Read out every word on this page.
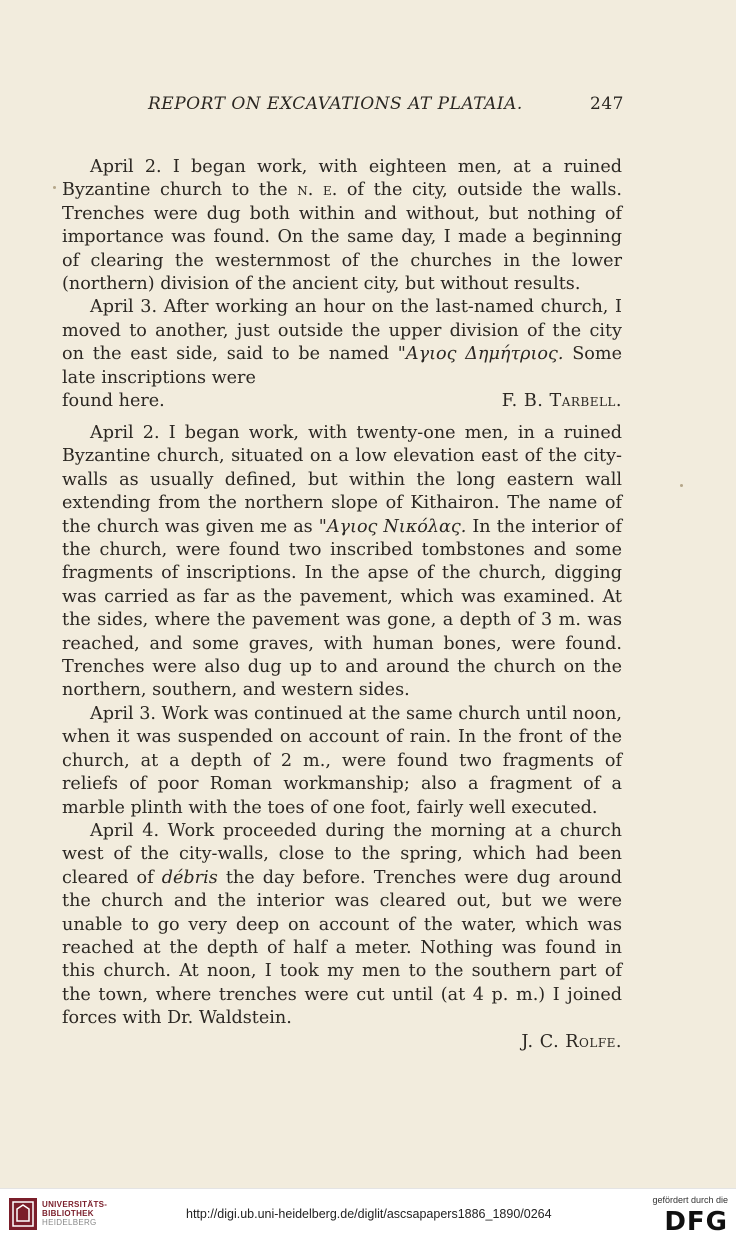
REPORT ON EXCAVATIONS AT PLATAIA.	247

April 2. I began work, with eighteen men, at a ruined Byzantine church to the n. e. of the city, outside the walls. Trenches were dug both within and without, but nothing of importance was found. On the same day, I made a beginning of clearing the westernmost of the churches in the lower (northern) division of the ancient city, but without results.

April 3. After working an hour on the last-named church, I moved to another, just outside the upper division of the city on the east side, said to be named "Αγιος Δημήτριος. Some late inscriptions were

found here.	F. B. Tarbell.

April 2. I began work, with twenty-one men, in a ruined Byzantine church, situated on a low elevation east of the city-walls as usually defined, but within the long eastern wall extending from the northern slope of Kithairon. The name of the church was given me as "Αγιος Νικόλας. In the interior of the church, were found two inscribed tombstones and some fragments of inscriptions. In the apse of the church, digging was carried as far as the pavement, which was examined. At the sides, where the pavement was gone, a depth of 3 m. was reached, and some graves, with human bones, were found. Trenches were also dug up to and around the church on the northern, southern, and western sides.

April 3. Work was continued at the same church until noon, when it was suspended on account of rain. In the front of the church, at a depth of 2 m., were found two fragments of reliefs of poor Roman workmanship; also a fragment of a marble plinth with the toes of one foot, fairly well executed.

April 4. Work proceeded during the morning at a church west of the city-walls, close to the spring, which had been cleared of débris the day before. Trenches were dug around the church and the interior was cleared out, but we were unable to go very deep on account of the water, which was reached at the depth of half a meter. Nothing was found in this church. At noon, I took my men to the southern part of the town, where trenches were cut until (at 4 p. m.) I joined forces with Dr. Waldstein.

J. C. Rolfe.

UNIVERSITÄTS-
BIBLIOTHEK
HEIDELBERG
http://digi.ub.uni-heidelberg.de/diglit/ascsapapers1886_1890/0264
gefördert durch die
DFG
